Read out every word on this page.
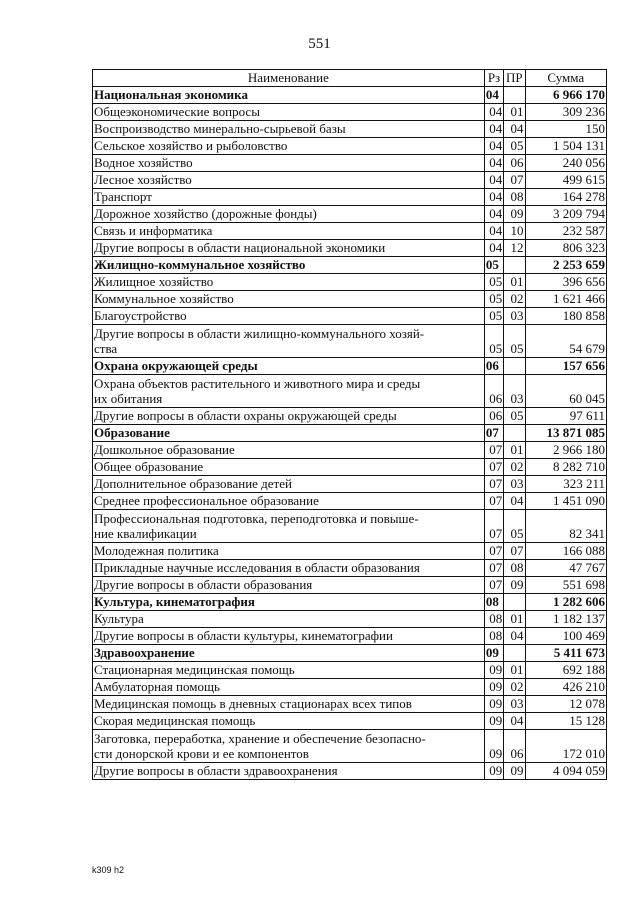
551
Наименование	Рз	ПР	Сумма
Национальная экономика	04		6 966 170
Общеэкономические вопросы	04	01	309 236
Воспроизводство минерально-сырьевой базы	04	04	150
Сельское хозяйство и рыболовство	04	05	1 504 131
Водное хозяйство	04	06	240 056
Лесное хозяйство	04	07	499 615
Транспорт	04	08	164 278
Дорожное хозяйство (дорожные фонды)	04	09	3 209 794
Связь и информатика	04	10	232 587
Другие вопросы в области национальной экономики	04	12	806 323
Жилищно-коммунальное хозяйство	05		2 253 659
Жилищное хозяйство	05	01	396 656
Коммунальное хозяйство	05	02	1 621 466
Благоустройство	05	03	180 858

Другие вопросы в области жилищно-коммунального хозяй-
ства	05	05	54 679
Охрана окружающей среды	06		157 656

Охрана объектов растительного и животного мира и среды
их обитания	06	03	60 045
Другие вопросы в области охраны окружающей среды	06	05	97 611
Образование	07		13 871 085
Дошкольное образование	07	01	2 966 180
Общее образование	07	02	8 282 710
Дополнительное образование детей	07	03	323 211
Среднее профессиональное образование	07	04	1 451 090

Профессиональная подготовка, переподготовка и повыше-
ние квалификации	07	05	82 341
Молодежная политика	07	07	166 088
Прикладные научные исследования в области образования	07	08	47 767
Другие вопросы в области образования	07	09	551 698
Культура, кинематография	08		1 282 606
Культура	08	01	1 182 137
Другие вопросы в области культуры, кинематографии	08	04	100 469
Здравоохранение	09		5 411 673
Стационарная медицинская помощь	09	01	692 188
Амбулаторная помощь	09	02	426 210
Медицинская помощь в дневных стационарах всех типов	09	03	12 078
Скорая медицинская помощь	09	04	15 128

Заготовка, переработка, хранение и обеспечение безопасно-
сти донорской крови и ее компонентов	09	06	172 010
Другие вопросы в области здравоохранения	09	09	4 094 059
k309 h2
